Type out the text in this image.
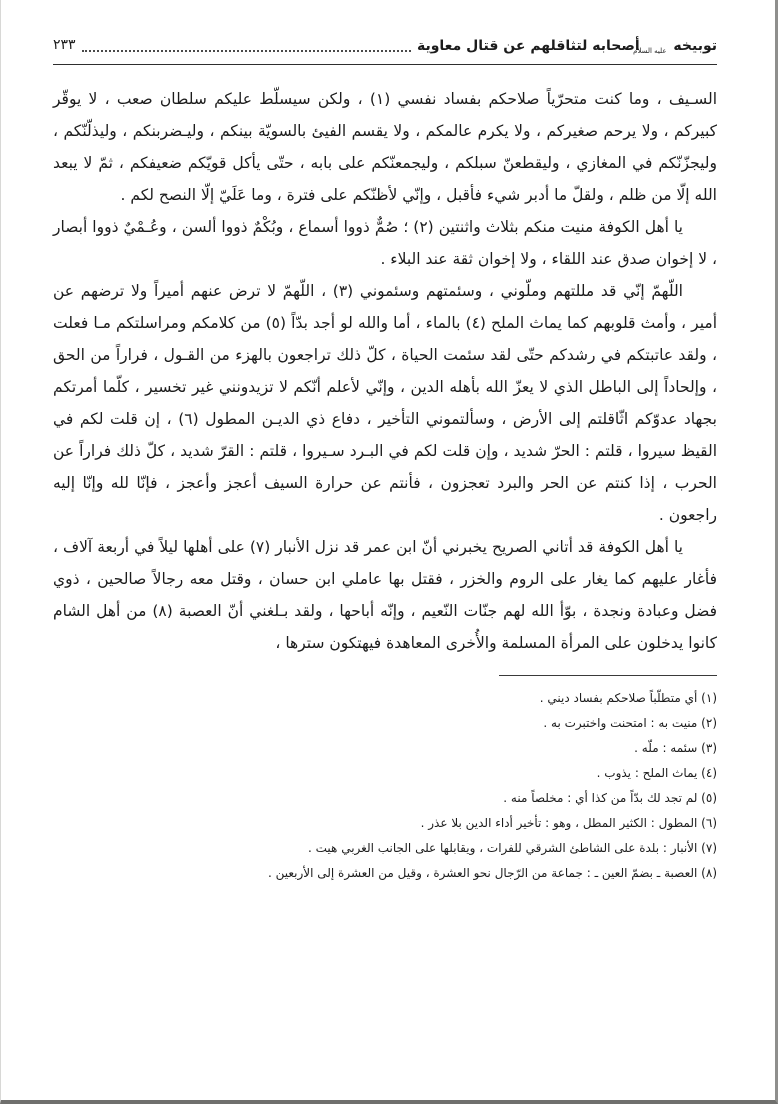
توبيخه عليه السلام أصحابه لتثاقلهم عن قتال معاوية
٢٣٣

السـيف ، وما كنت متحرّياً صلاحكم بفساد نفسي (١) ، ولكن سيسلّط عليكم سلطان صعب ، لا يوقّر كبيركم ، ولا يرحم صغيركم ، ولا يكرم عالمكم ، ولا يقسم الفيئ بالسويّة بينكم ، وليـضربنكم ، وليذلّنّكم ، وليجزّنّكم في المغازي ، وليقطعنّ سبلكم ، وليجمعنّكم على بابه ، حتّى يأكل قويّكم ضعيفكم ، ثمّ لا يبعد الله إلّا من ظلم ، ولقلّ ما أدبر شيء فأقبل ، وإنّي لأظنّكم على فترة ، وما عَلَيّ إلّا النصح لكم .

يا أهل الكوفة منيت منكم بثلاث واثنتين (٢) ؛ صُمٌّ ذووا أسماع ، وبُكْمٌ ذووا ألسن ، وعُـمْيٌ ذووا أبصار ، لا إخوان صدق عند اللقاء ، ولا إخوان ثقة عند البلاء .

اللّهمّ إنّي قد مللتهم وملّوني ، وسئمتهم وسئموني (٣) ، اللّهمّ لا ترض عنهم أميراً ولا ترضهم عن أمير ، وأمث قلوبهم كما يماث الملح (٤) بالماء ، أما والله لو أجد بدّاً (٥) من كلامكم ومراسلتكم مـا فعلت ، ولقد عاتبتكم في رشدكم حتّى لقد سئمت الحياة ، كلّ ذلك تراجعون بالهزء من القـول ، فراراً من الحق ، وإلحاداً إلى الباطل الذي لا يعزّ الله بأهله الدين ، وإنّي لأعلم أنّكم لا تزيدونني غير تخسير ، كلّما أمرتكم بجهاد عدوّكم اثّاقلتم إلى الأرض ، وسألتموني التأخير ، دفاع ذي الديـن المطول (٦) ، إن قلت لكم في القيظ سيروا ، قلتم : الحرّ شديد ، وإن قلت لكم في البـرد سـيروا ، قلتم : القرّ شديد ، كلّ ذلك فراراً عن الحرب ، إذا كنتم عن الحر والبرد تعجزون ، فأنتم عن حرارة السيف أعجز وأعجز ، فإنّا لله وإنّا إليه راجعون .

يا أهل الكوفة قد أتاني الصريح يخبرني أنّ ابن عمر قد نزل الأنبار (٧) على أهلها ليلاً في أربعة آلاف ، فأغار عليهم كما يغار على الروم والخزر ، فقتل بها عاملي ابن حسان ، وقتل معه رجالاً صالحين ، ذوي فضل وعبادة ونجدة ، بوّأ الله لهم جنّات النّعيم ، وإنّه أباحها ، ولقد بـلغني أنّ العصبة (٨) من أهل الشام كانوا يدخلون على المرأة المسلمة والأُخرى المعاهدة فيهتكون سترها ،

(١) أي متطلّباً صلاحكم بفساد ديني .

(٢) منيت به : امتحنت واختبرت به .

(٣) سئمه : ملّه .

(٤) يماث الملح : يذوب .

(٥) لم تجد لك بدّاً من كذا أي : مخلصاً منه .

(٦) المطول : الكثير المطل ، وهو : تأخير أداء الدين بلا عذر .

(٧) الأنبار : بلدة على الشاطئ الشرقي للفرات ، ويقابلها على الجانب الغربي هيت .

(٨) العصبة ـ بضمّ العين ـ : جماعة من الرّجال نحو العشرة ، وقيل من العشرة إلى الأربعين .
